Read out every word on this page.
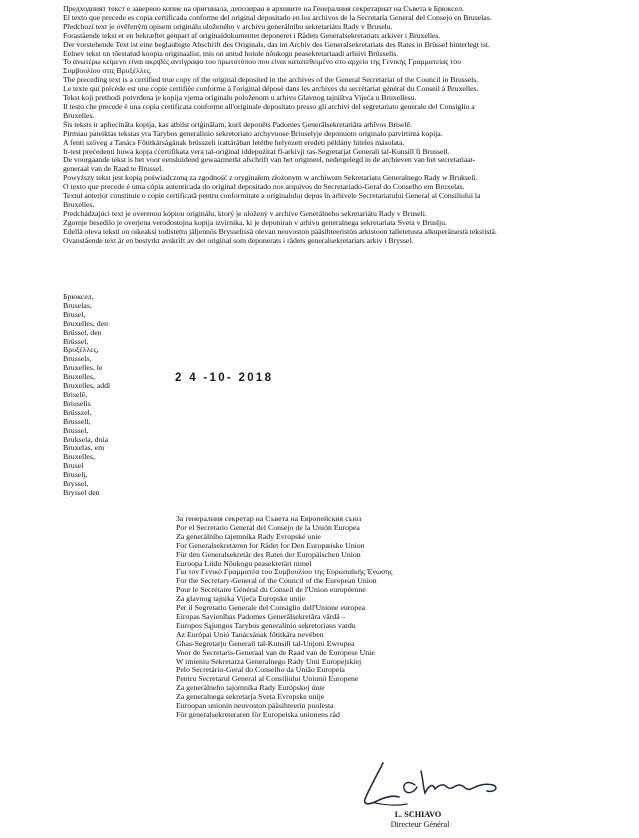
Предходният текст е заверено копие на оригинала, депозиран в архивите на Генералния секретариат на Съвета в Брюксел.
El texto que precede es copia certificada conforme del original depositado en los archivos de la Secretaría General del Consejo en Bruselas.
Předchozí text je ověřeným opisem originálu uloženého v archivu generálního sekretariátu Rady v Bruselu.
Forastående tekst er en bekræftet genpart af originaldokumentet deponeret i Rådets Generalsekretariats arkiver i Bruxelles.
Der vorstehende Text ist eine beglaubigte Abschrift des Originals, das im Archiv des Generalsekretariats des Rates in Brüssel hinterlegt ist.
Eelnev tekst on tõestatud koopia originaalist, mis on antud hoiule nõukogu peasekretariaadi arhiivi Brüsselis.
Το ανωτέρω κείμενο είναι ακριβές αντίγραφο του πρωτοτύπου που είναι κατατεθειμένο στο αρχείο της Γενικής Γραμματείας του
Συμβουλίου στις Βρυξέλλες.
The preceding text is a certified true copy of the original deposited in the archives of the General Secretariat of the Council in Brussels.
Le texte qui précède est une copie certifiée conforme à l'original déposé dans les archives du secrétariat général du Conseil à Bruxelles.
Tekst koji prethodi potvrđena je kopija vjerna originalu položenom u arhivu Glavnog tajništva Vijeća u Bruxellesu.
Il testo che precede è una copia certificata conforme all'originale depositato presso gli archivi del segretariato generale del Consiglio a
Bruxelles.
Šis teksts ir apliecināta kopija, kas atbilst oriģinālam, kurš deponēts Padomes Ģenerālsekretariāta arhīvos Briselē.
Pirmiau pateiktas tekstas yra Tarybos generalinio sekretoriato archyvuose Briuselyje deponuoto originalo patvirtinta kopija.
A fenti szöveg a Tanács Főtitkárságának brüsszeli irattárában letétbe helyezett eredeti példány hiteles másolata.
It-test preċedenti huwa kopja ċċertifikata vera tal-oriġinal iddepożitat fl-arkivji tas-Segretarjat Ġenerali tal-Kunsill fi Brussell.
De voorgaande tekst is het voor eensluidend gewaarmerkt afschrift van het origineel, nedergelegd in de archieven van het secretariaat-
generaal van de Raad te Brussel.
Powyższy tekst jest kopią poświadczoną za zgodność z oryginałem złożonym w archiwum Sekretariatu Generalnego Rady w Brukseli.
O texto que precede é uma cópia autenticada do original depositado nos arquivos do Secretariado-Geral do Conselho em Bruxelas.
Textul anterior constituie o copie certificată pentru conformitate a originalului depus în arhivele Secretariatului General al Consiliului la
Bruxelles.
Predchádzajúci text je overenou kópiou originálu, ktorý je uložený v archíve Generálneho sekretariátu Rady v Bruseli.
Zgornje besedilo je overjena verodostojna kopija izvirnika, ki je deponiran v arhivu generalnega sekretariata Sveta v Bruslju.
Edellä oleva teksti on oikeaksi todistettu jäljennös Brysselissä olevan neuvoston pääsihteeristön arkistoon talletetusta alkuperäisestä tekstistä.
Ovanstående text är en bestyrkt avskrift av det original som deponerats i rådets generalsekretariats arkiv i Bryssel.
Брюксел,
Bruselas,
Brusel,
Bruxelles, den
Brüssel, den
Brüssel,
Βρυξέλλες,
Brussels,
Bruxelles, le
Bruxelles,
Bruxelles, addì
Briselē,
Briuselis
Brüsszel,
Brussell,
Brussel,
Bruksela, dnia
Bruxelas, em
Bruxelles,
Brusel
Bruselj,
Bryssel,
Bryssel den
2 4 -10- 2018
За генералния секретар на Съвета на Европейския съюз
Por el Secretario General del Consejo de la Unión Europea
Za generálního tajemníka Rady Evropské unie
For Generalsekretæren for Rådet for Den Europæiske Union
Für den Generalsekretär des Rates der Europäischen Union
Euroopa Liidu Nõukogu peasekretäri nimel
Για τον Γενικό Γραμματέα του Συμβουλίου της Ευρωπαϊκής Ένωσης
For the Secretary-General of the Council of the European Union
Pour le Secrétaire Général du Conseil de l'Union européenne
Za glavnog tajnika Vijeća Europske unije
Per il Segretario Generale del Consiglio dell'Unione europea
Eiropas Savienības Padomes Ģenerālsekretāra vārdā –
Europos Sąjungos Tarybos generalinio sekretoriaus vardu
Az Európai Unió Tanácsának főtitkára nevében
Għas-Segretarju Ġenerali tal-Kunsill tal-Unjoni Ewropea
Voor de Secretaris-Generaal van de Raad van de Europese Unie
W imieniu Sekretarza Generalnego Rady Unii Europejskiej
Pelo Secretário-Geral do Conselho da União Europeia
Pentru Secretarul General al Consiliului Uniunii Europene
Za generálneho tajomníka Rady Európskej únie
Za generalnega sekretarja Sveta Evropske unije
Euroopan unionin neuvoston pääsihteerin puolesta
För generalsekreteraren för Europeiska unionens råd
L. SCHIAVO
Directeur Général
